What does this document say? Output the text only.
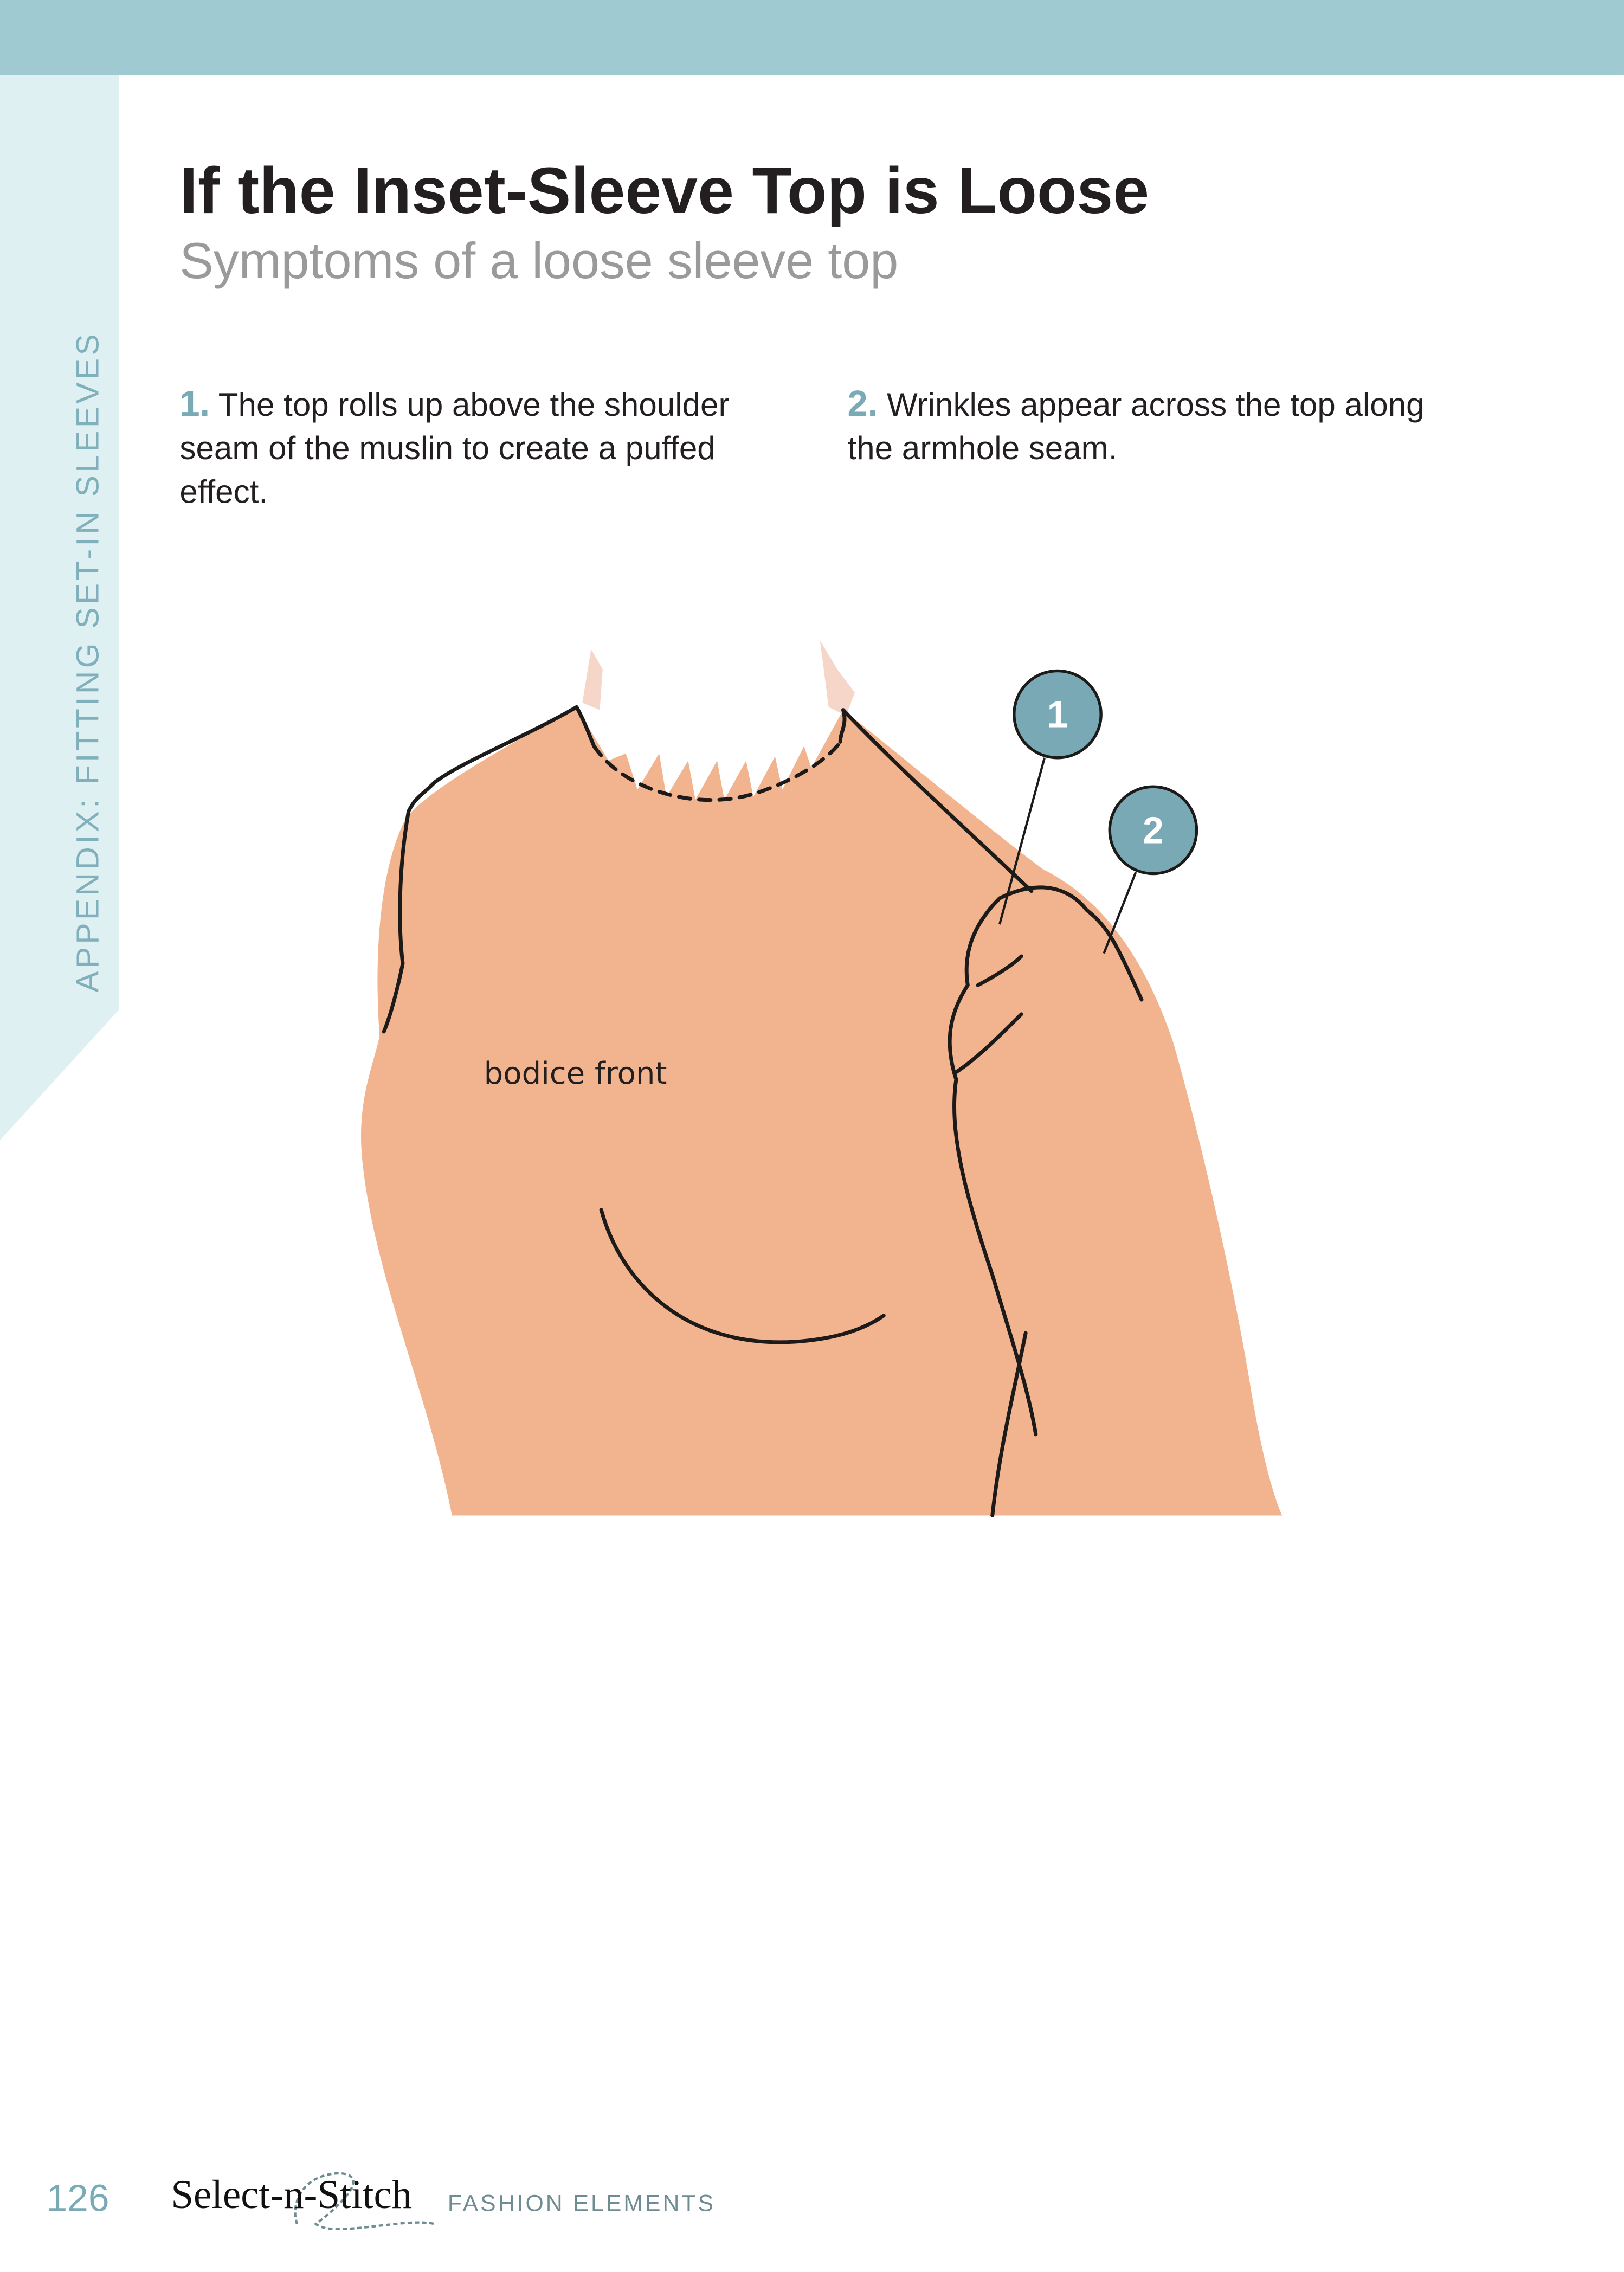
APPENDIX: FITTING SET-IN SLEEVES
If the Inset-Sleeve Top is Loose
Symptoms of a loose sleeve top
1. The top rolls up above the shoulder seam of the muslin to create a puffed effect.
2. Wrinkles appear across the top along the armhole seam.
1
2
bodice front
126	Select-n-Stitch	FASHION ELEMENTS
